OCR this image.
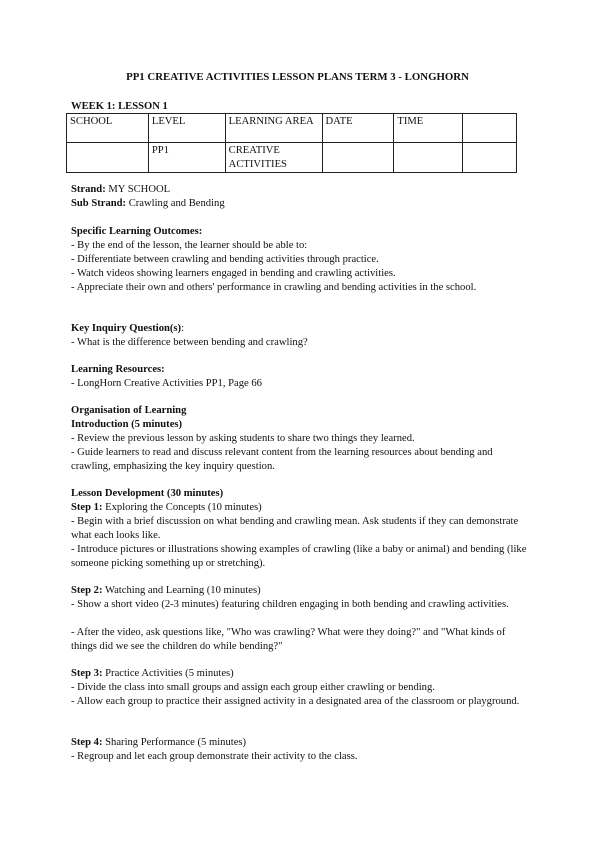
PP1 CREATIVE ACTIVITIES LESSON PLANS TERM 3 - LONGHORN
WEEK 1: LESSON 1
SCHOOL	LEVEL	LEARNING AREA	DATE	TIME	
	PP1	CREATIVE ACTIVITIES			
Strand: MY SCHOOL
Sub Strand: Crawling and Bending
Specific Learning Outcomes:
- By the end of the lesson, the learner should be able to:
- Differentiate between crawling and bending activities through practice.
- Watch videos showing learners engaged in bending and crawling activities.
- Appreciate their own and others' performance in crawling and bending activities in the school.
Key Inquiry Question(s):
- What is the difference between bending and crawling?
Learning Resources:
- LongHorn Creative Activities PP1, Page 66
Organisation of Learning
Introduction (5 minutes)
- Review the previous lesson by asking students to share two things they learned.
- Guide learners to read and discuss relevant content from the learning resources about bending and crawling, emphasizing the key inquiry question.
Lesson Development (30 minutes)
Step 1: Exploring the Concepts (10 minutes)
- Begin with a brief discussion on what bending and crawling mean. Ask students if they can demonstrate what each looks like.
- Introduce pictures or illustrations showing examples of crawling (like a baby or animal) and bending (like someone picking something up or stretching).
Step 2: Watching and Learning (10 minutes)
- Show a short video (2-3 minutes) featuring children engaging in both bending and crawling activities.
- After the video, ask questions like, "Who was crawling? What were they doing?" and "What kinds of things did we see the children do while bending?"
Step 3: Practice Activities (5 minutes)
- Divide the class into small groups and assign each group either crawling or bending.
- Allow each group to practice their assigned activity in a designated area of the classroom or playground.
Step 4: Sharing Performance (5 minutes)
- Regroup and let each group demonstrate their activity to the class.
